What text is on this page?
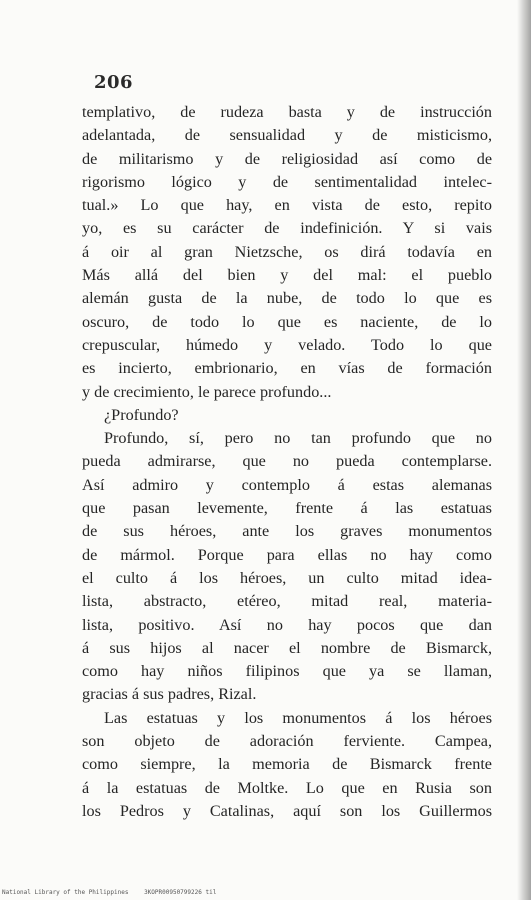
206
templativo, de rudeza basta y de instrucción
adelantada, de sensualidad y de misticismo,
de militarismo y de religiosidad así como de
rigorismo lógico y de sentimentalidad intelec-
tual.» Lo que hay, en vista de esto, repito
yo, es su carácter de indefinición. Y si vais
á oir al gran Nietzsche, os dirá todavía en
Más allá del bien y del mal: el pueblo
alemán gusta de la nube, de todo lo que es
oscuro, de todo lo que es naciente, de lo
crepuscular, húmedo y velado. Todo lo que
es incierto, embrionario, en vías de formación
y de crecimiento, le parece profundo...
¿Profundo?
Profundo, sí, pero no tan profundo que no
pueda admirarse, que no pueda contemplarse.
Así admiro y contemplo á estas alemanas
que pasan levemente, frente á las estatuas
de sus héroes, ante los graves monumentos
de mármol. Porque para ellas no hay como
el culto á los héroes, un culto mitad idea-
lista, abstracto, etéreo, mitad real, materia-
lista, positivo. Así no hay pocos que dan
á sus hijos al nacer el nombre de Bismarck,
como hay niños filipinos que ya se llaman,
gracias á sus padres, Rizal.
Las estatuas y los monumentos á los héroes
son objeto de adoración ferviente. Campea,
como siempre, la memoria de Bismarck frente
á la estatuas de Moltke. Lo que en Rusia son
los Pedros y Catalinas, aquí son los Guillermos
National Library of the Philippines	3KOPR00950799226 til
